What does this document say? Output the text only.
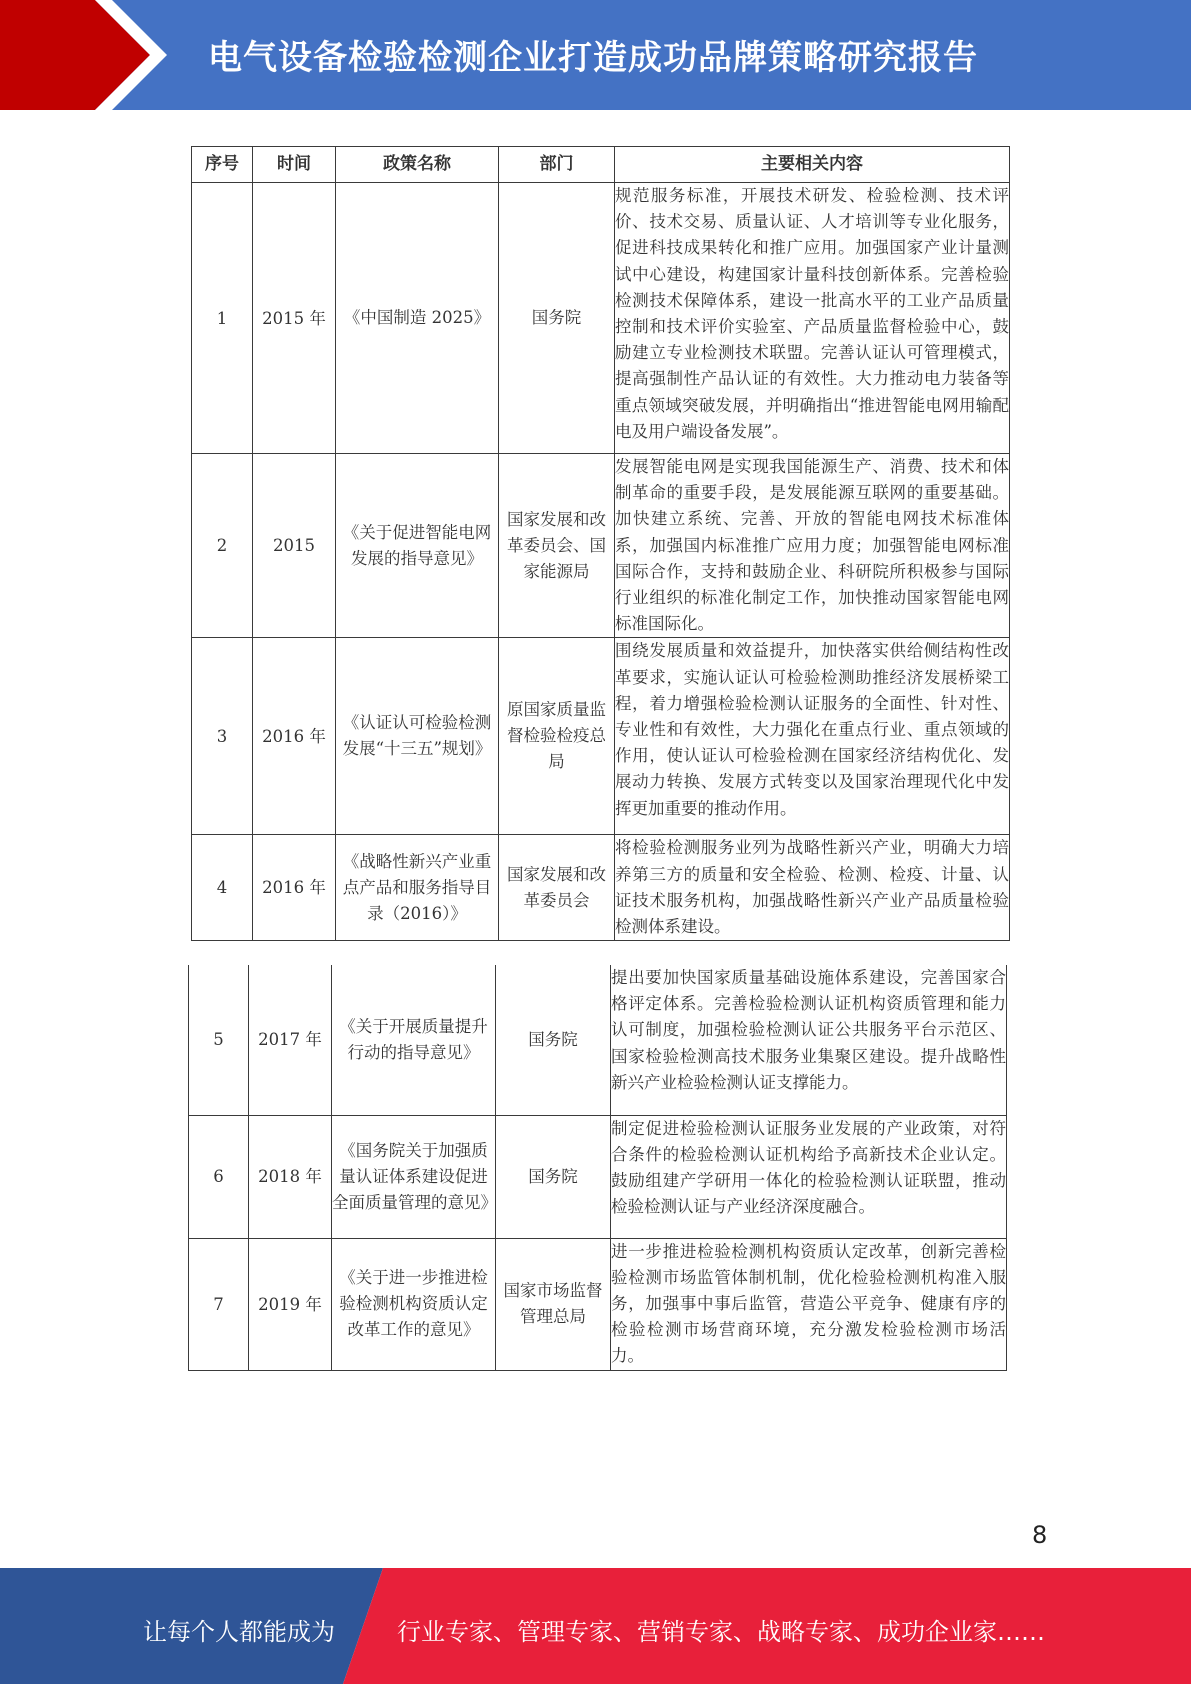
电气设备检验检测企业打造成功品牌策略研究报告
序号	时间	政策名称	部门	主要相关内容
1	2015 年	《中国制造 2025》	国务院	规范服务标准，开展技术研发、检验检测、技术评价、技术交易、质量认证、人才培训等专业化服务，促进科技成果转化和推广应用。加强国家产业计量测试中心建设，构建国家计量科技创新体系。完善检验检测技术保障体系，建设一批高水平的工业产品质量控制和技术评价实验室、产品质量监督检验中心，鼓励建立专业检测技术联盟。完善认证认可管理模式，提高强制性产品认证的有效性。大力推动电力装备等重点领域突破发展，并明确指出“推进智能电网用输配电及用户端设备发展”。
2	2015	《关于促进智能电网发展的指导意见》	国家发展和改革委员会、国家能源局	发展智能电网是实现我国能源生产、消费、技术和体制革命的重要手段，是发展能源互联网的重要基础。加快建立系统、完善、开放的智能电网技术标准体系，加强国内标准推广应用力度；加强智能电网标准国际合作，支持和鼓励企业、科研院所积极参与国际行业组织的标准化制定工作，加快推动国家智能电网标准国际化。
3	2016 年	《认证认可检验检测发展“十三五”规划》	原国家质量监督检验检疫总局	围绕发展质量和效益提升，加快落实供给侧结构性改革要求，实施认证认可检验检测助推经济发展桥梁工程，着力增强检验检测认证服务的全面性、针对性、专业性和有效性，大力强化在重点行业、重点领域的作用，使认证认可检验检测在国家经济结构优化、发展动力转换、发展方式转变以及国家治理现代化中发挥更加重要的推动作用。
4	2016 年	《战略性新兴产业重点产品和服务指导目录（2016）》	国家发展和改革委员会	将检验检测服务业列为战略性新兴产业，明确大力培养第三方的质量和安全检验、检测、检疫、计量、认证技术服务机构，加强战略性新兴产业产品质量检验检测体系建设。
5	2017 年	《关于开展质量提升行动的指导意见》	国务院	提出要加快国家质量基础设施体系建设，完善国家合格评定体系。完善检验检测认证机构资质管理和能力认可制度，加强检验检测认证公共服务平台示范区、国家检验检测高技术服务业集聚区建设。提升战略性新兴产业检验检测认证支撑能力。
6	2018 年	《国务院关于加强质量认证体系建设促进全面质量管理的意见》	国务院	制定促进检验检测认证服务业发展的产业政策，对符合条件的检验检测认证机构给予高新技术企业认定。鼓励组建产学研用一体化的检验检测认证联盟，推动检验检测认证与产业经济深度融合。
7	2019 年	《关于进一步推进检验检测机构资质认定改革工作的意见》	国家市场监督管理总局	进一步推进检验检测机构资质认定改革，创新完善检验检测市场监管体制机制，优化检验检测机构准入服务，加强事中事后监管，营造公平竞争、健康有序的检验检测市场营商环境，充分激发检验检测市场活力。
8
让每个人都能成为	行业专家、管理专家、营销专家、战略专家、成功企业家……
